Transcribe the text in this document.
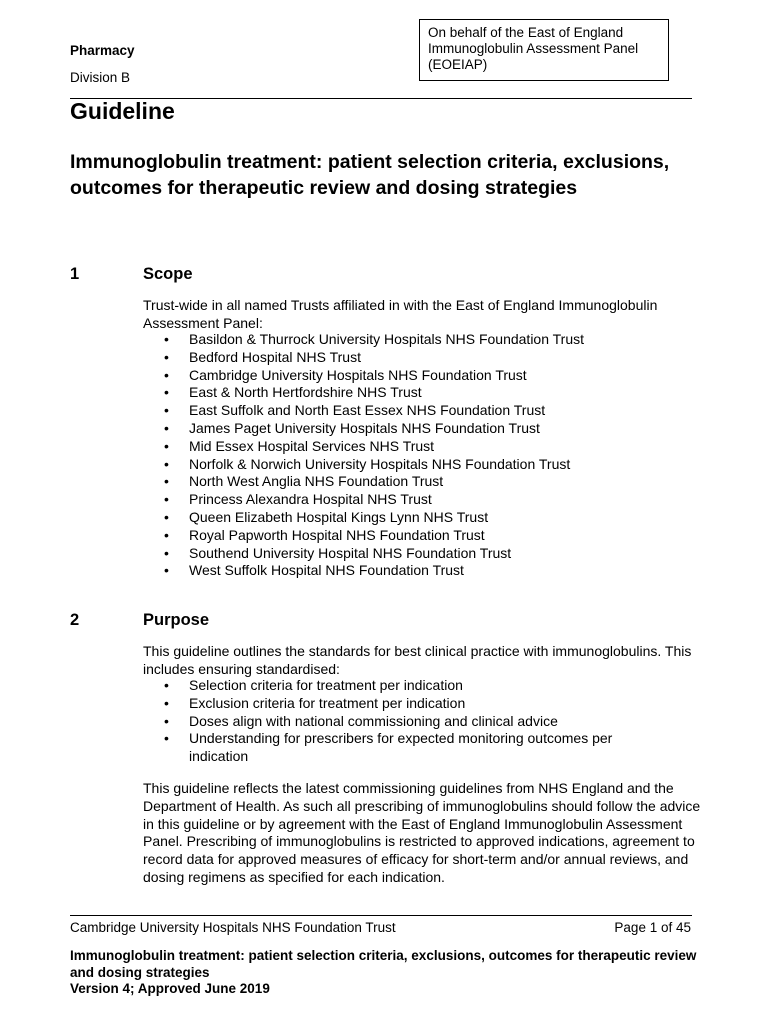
On behalf of the East of England Immunoglobulin Assessment Panel (EOEIAP)
Pharmacy
Division B
Guideline
Immunoglobulin treatment: patient selection criteria, exclusions, outcomes for therapeutic review and dosing strategies
1	Scope
Trust-wide in all named Trusts affiliated in with the East of England Immunoglobulin Assessment Panel:
• Basildon & Thurrock University Hospitals NHS Foundation Trust
• Bedford Hospital NHS Trust
• Cambridge University Hospitals NHS Foundation Trust
• East & North Hertfordshire NHS Trust
• East Suffolk and North East Essex NHS Foundation Trust
• James Paget University Hospitals NHS Foundation Trust
• Mid Essex Hospital Services NHS Trust
• Norfolk & Norwich University Hospitals NHS Foundation Trust
• North West Anglia NHS Foundation Trust
• Princess Alexandra Hospital NHS Trust
• Queen Elizabeth Hospital Kings Lynn NHS Trust
• Royal Papworth Hospital NHS Foundation Trust
• Southend University Hospital NHS Foundation Trust
• West Suffolk Hospital NHS Foundation Trust
2	Purpose
This guideline outlines the standards for best clinical practice with immunoglobulins. This includes ensuring standardised:
• Selection criteria for treatment per indication
• Exclusion criteria for treatment per indication
• Doses align with national commissioning and clinical advice
• Understanding for prescribers for expected monitoring outcomes per indication
This guideline reflects the latest commissioning guidelines from NHS England and the Department of Health. As such all prescribing of immunoglobulins should follow the advice in this guideline or by agreement with the East of England Immunoglobulin Assessment Panel. Prescribing of immunoglobulins is restricted to approved indications, agreement to record data for approved measures of efficacy for short-term and/or annual reviews, and dosing regimens as specified for each indication.
Cambridge University Hospitals NHS Foundation Trust	Page 1 of 45
Immunoglobulin treatment: patient selection criteria, exclusions, outcomes for therapeutic review and dosing strategies
Version 4; Approved June 2019
